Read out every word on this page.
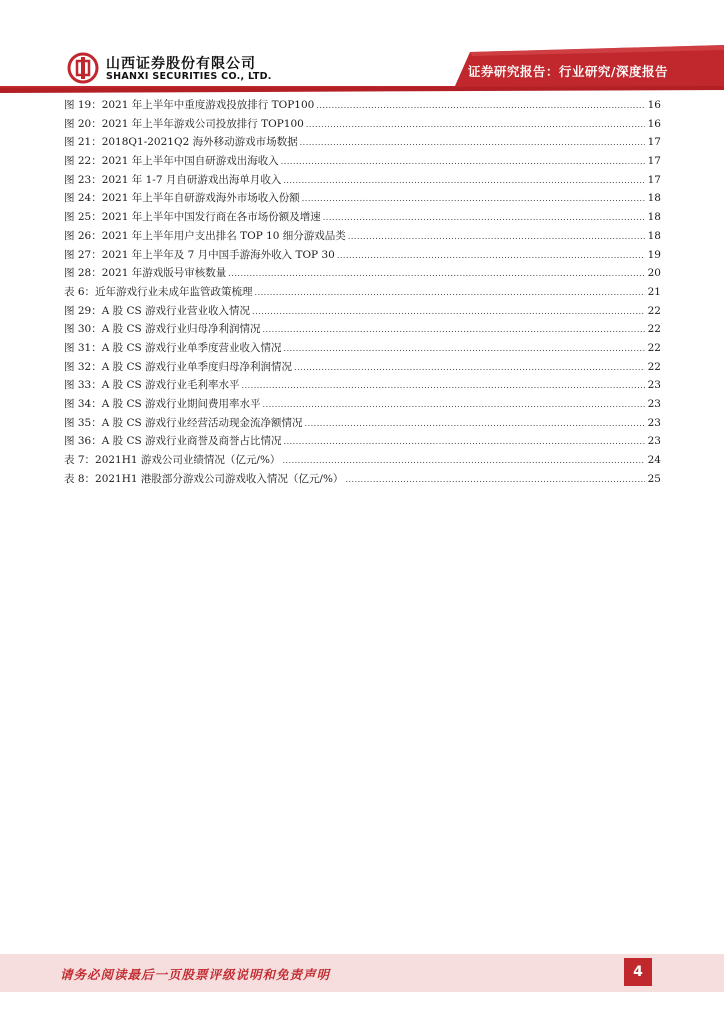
山西证券股份有限公司
SHANXI SECURITIES CO., LTD.	证券研究报告：行业研究/深度报告
图 19：2021 年上半年中重度游戏投放排行 TOP100 .....	16
图 20：2021 年上半年游戏公司投放排行 TOP100 .....	16
图 21：2018Q1-2021Q2 海外移动游戏市场数据 .....	17
图 22：2021 年上半年中国自研游戏出海收入 .....	17
图 23：2021 年 1-7 月自研游戏出海单月收入 .....	17
图 24：2021 年上半年自研游戏海外市场收入份额 .....	18
图 25：2021 年上半年中国发行商在各市场份额及增速 .....	18
图 26：2021 年上半年用户支出排名 TOP 10 细分游戏品类 .....	18
图 27：2021 年上半年及 7 月中国手游海外收入 TOP 30 .....	19
图 28：2021 年游戏版号审核数量 .....	20
表 6：近年游戏行业未成年监管政策梳理 .....	21
图 29：A 股 CS 游戏行业营业收入情况 .....	22
图 30：A 股 CS 游戏行业归母净利润情况 .....	22
图 31：A 股 CS 游戏行业单季度营业收入情况 .....	22
图 32：A 股 CS 游戏行业单季度归母净利润情况 .....	22
图 33：A 股 CS 游戏行业毛利率水平 .....	23
图 34：A 股 CS 游戏行业期间费用率水平 .....	23
图 35：A 股 CS 游戏行业经营活动现金流净额情况 .....	23
图 36：A 股 CS 游戏行业商誉及商誉占比情况 .....	23
表 7：2021H1 游戏公司业绩情况（亿元/%） .....	24
表 8：2021H1 港股部分游戏公司游戏收入情况（亿元/%） .....	25
请务必阅读最后一页股票评级说明和免责声明	4
